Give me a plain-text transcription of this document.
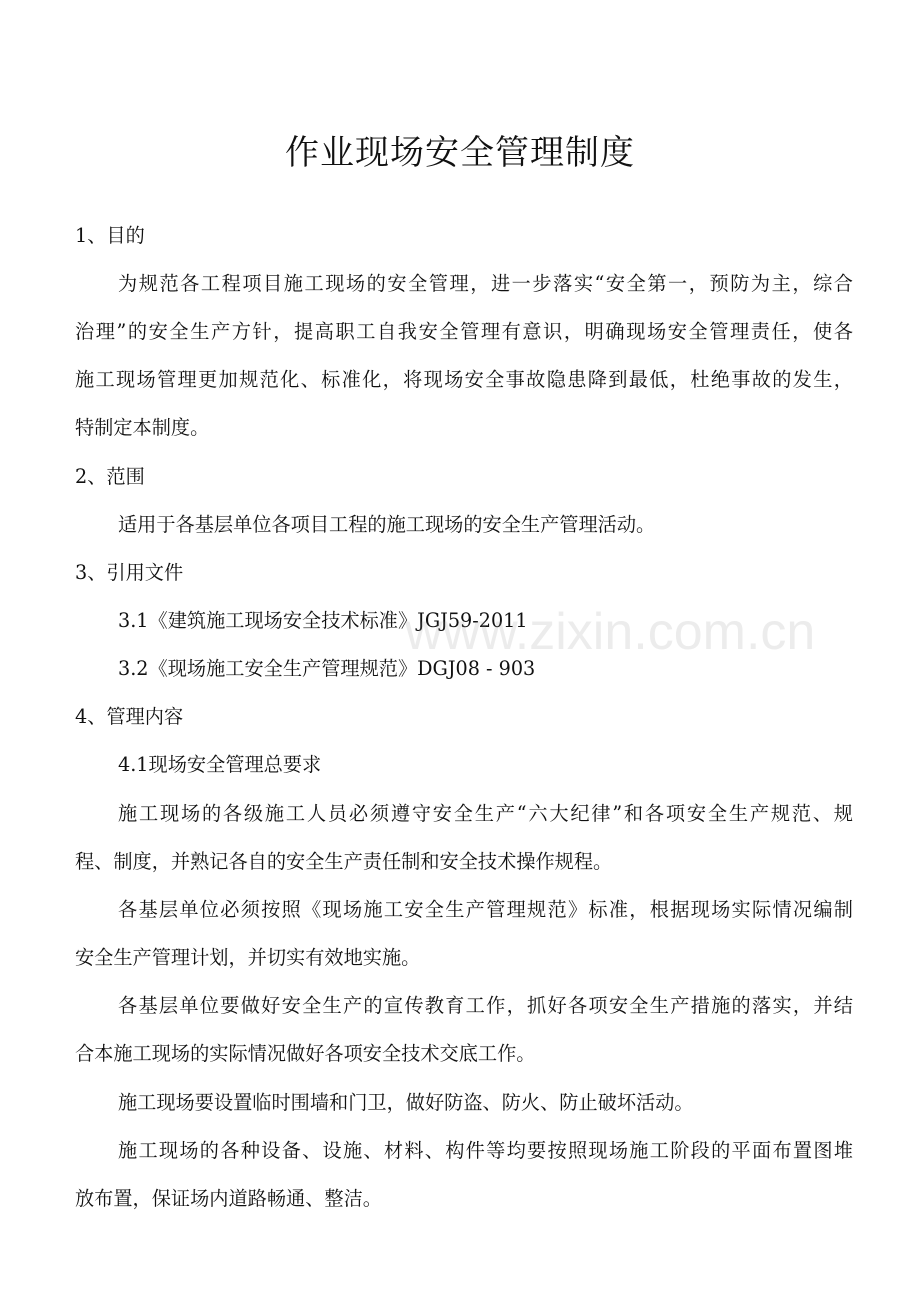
作业现场安全管理制度

1、目的

为规范各工程项目施工现场的安全管理，进一步落实“安全第一，预防为主，综合

治理”的安全生产方针，提高职工自我安全管理有意识，明确现场安全管理责任，使各

施工现场管理更加规范化、标准化，将现场安全事故隐患降到最低，杜绝事故的发生，

特制定本制度。

2、范围

适用于各基层单位各项目工程的施工现场的安全生产管理活动。

3、引用文件

3.1《建筑施工现场安全技术标准》JGJ59-2011

3.2《现场施工安全生产管理规范》DGJ08 - 903

4、管理内容

4.1现场安全管理总要求

施工现场的各级施工人员必须遵守安全生产“六大纪律”和各项安全生产规范、规

程、制度，并熟记各自的安全生产责任制和安全技术操作规程。

各基层单位必须按照《现场施工安全生产管理规范》标准，根据现场实际情况编制

安全生产管理计划，并切实有效地实施。

各基层单位要做好安全生产的宣传教育工作，抓好各项安全生产措施的落实，并结

合本施工现场的实际情况做好各项安全技术交底工作。

施工现场要设置临时围墙和门卫，做好防盗、防火、防止破坏活动。

施工现场的各种设备、设施、材料、构件等均要按照现场施工阶段的平面布置图堆

放布置，保证场内道路畅通、整洁。

www.zixin.com.cn
